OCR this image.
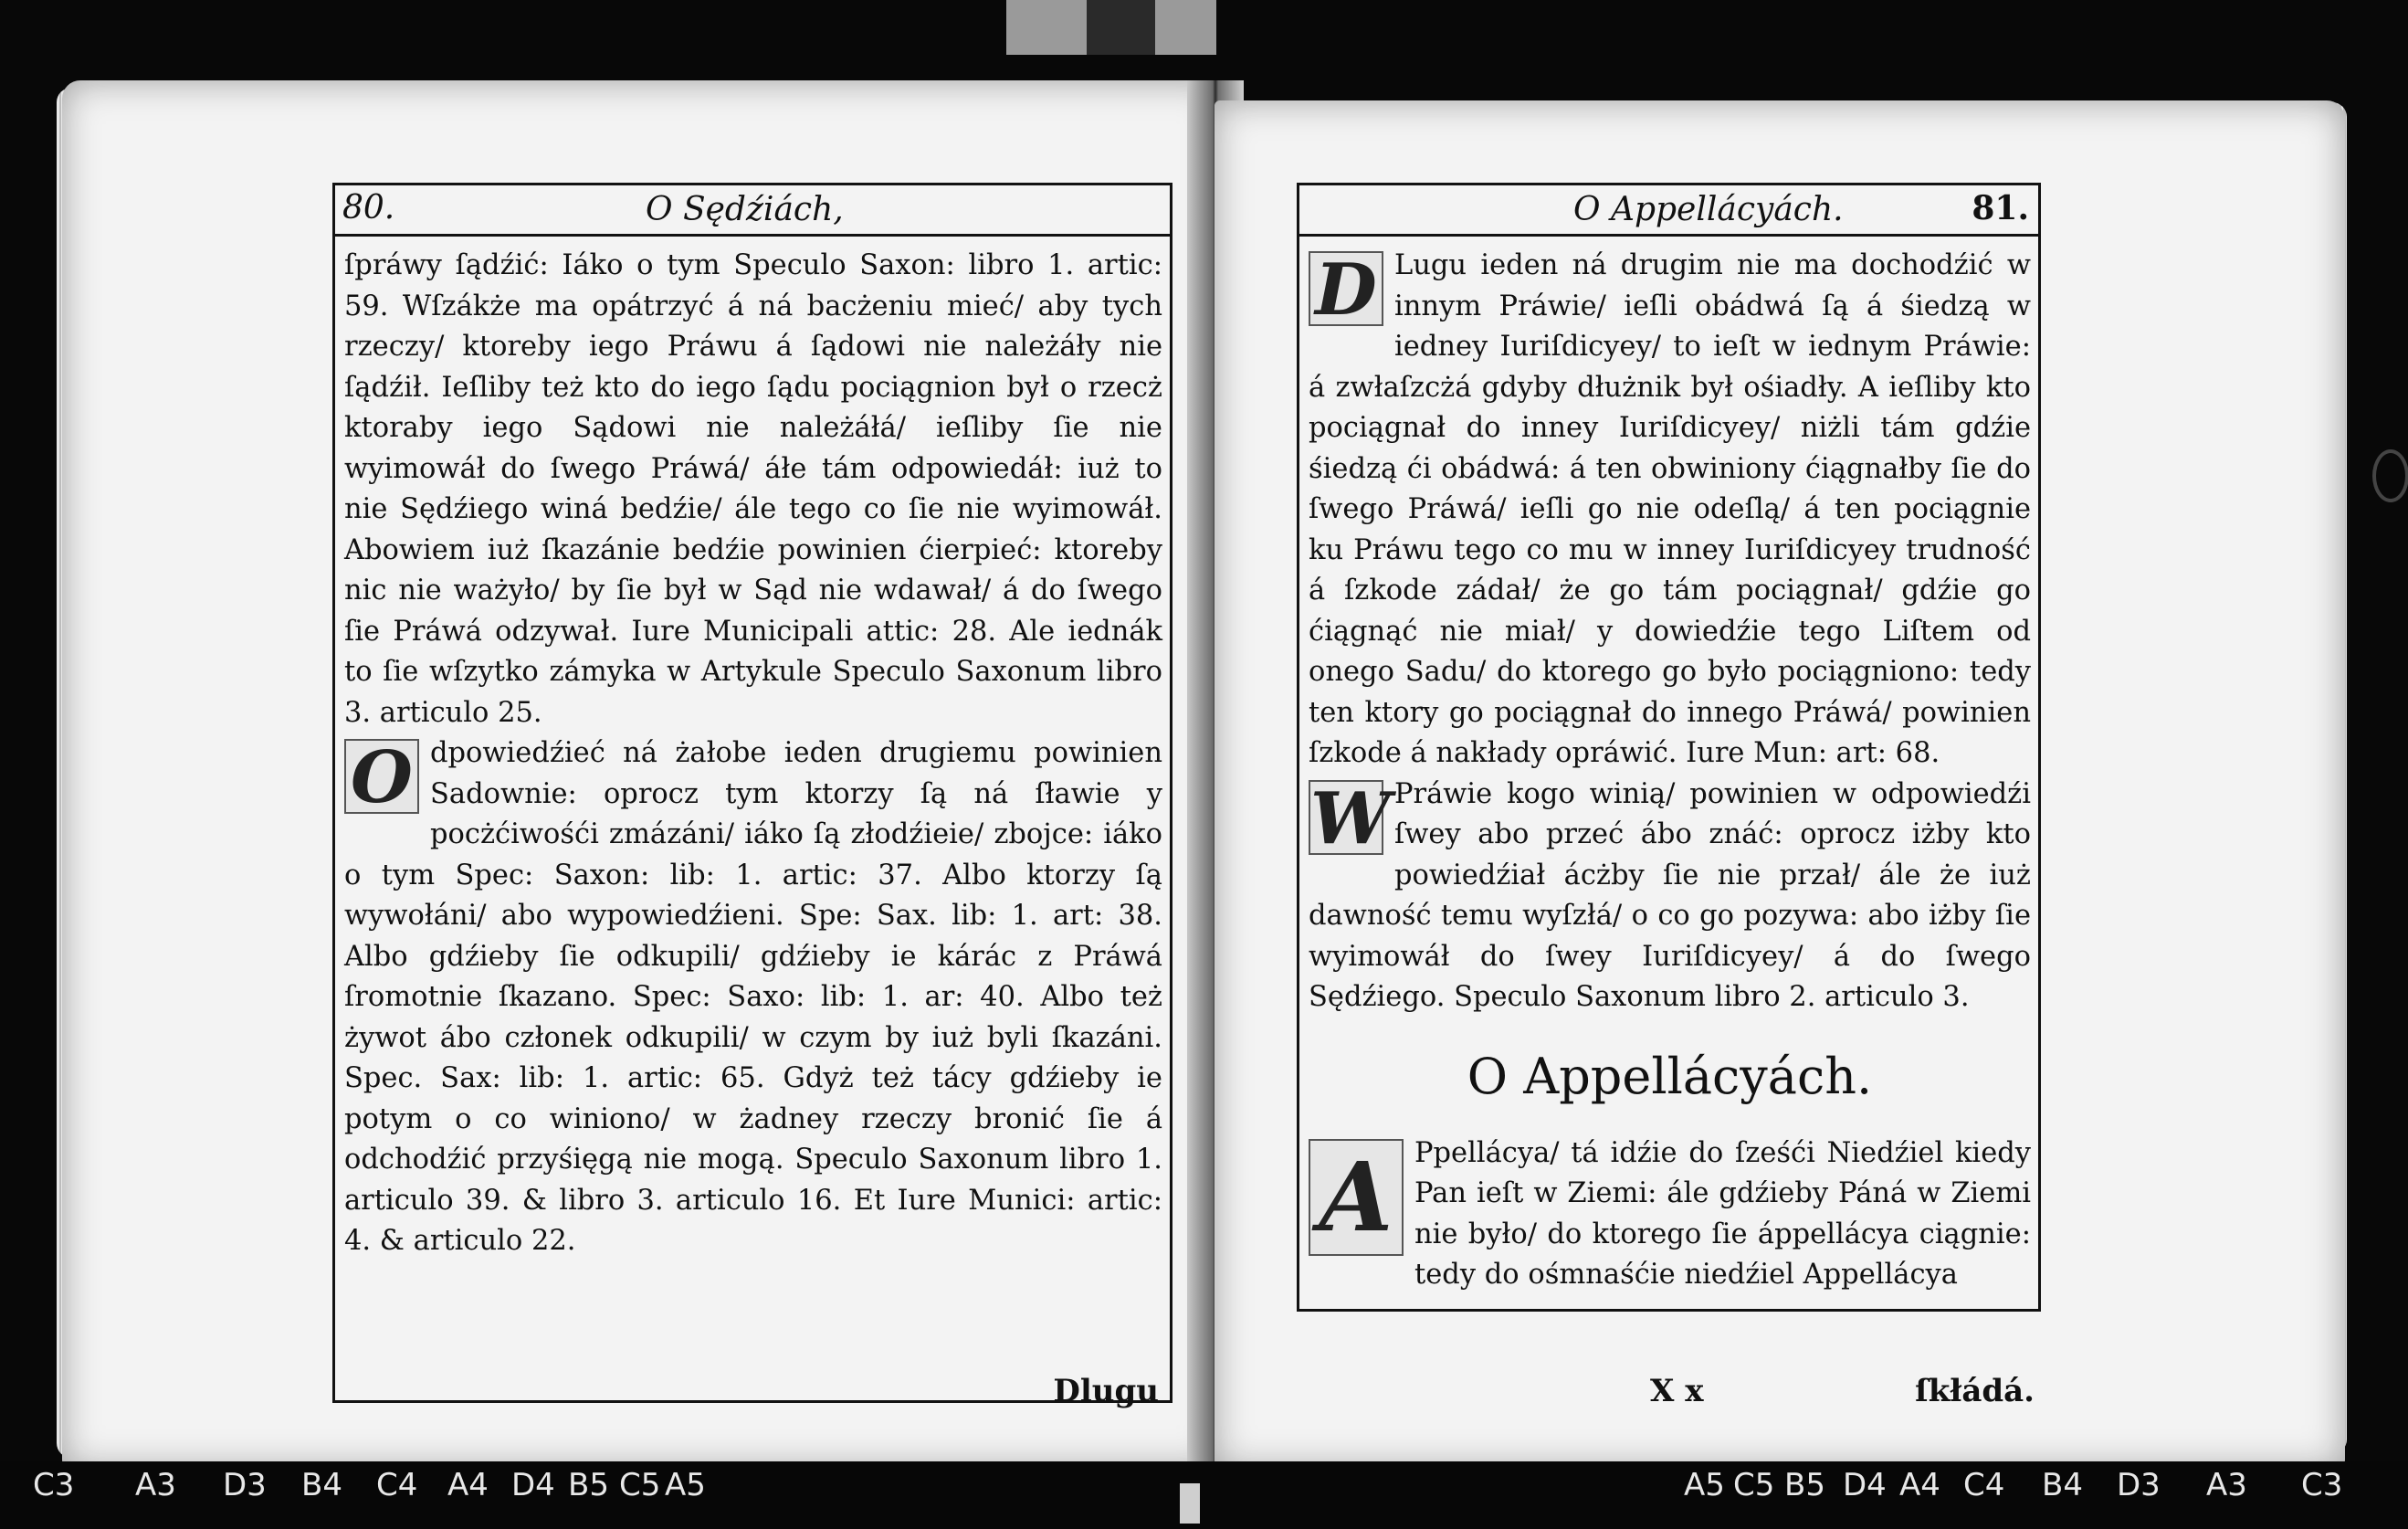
80.	O Sędźiách,

ſpráwy ſądźić: Iáko o tym Speculo Saxon: libro 1. artic: 59. Wſzákże ma opátrzyć á ná bacżeniu mieć/ aby tych rzeczy/ ktoreby iego Práwu á ſądowi nie należáły nie ſądźił. Ieſliby też kto do iego ſądu pociągnion był o rzecż ktoraby iego Sądowi nie należáłá/ ieſliby ſie nie wyimowáł do ſwego Práwá/ áłe tám odpowiedáł: iuż to nie Sędźiego winá bedźie/ ále tego co ſie nie wyimowáł. Abowiem iuż ſkazánie bedźie powinien ćierpieć: ktoreby nic nie ważyło/ by ſie był w Sąd nie wdawał/ á do ſwego ſie Práwá odzywał. Iure Municipali attic: 28. Ale iednák to ſie wſzytko zámyka w Artykule Speculo Saxonum libro 3. articulo 25.

O dpowiedźieć ná żałobe ieden drugiemu powinien Sadownie: oprocz tym ktorzy ſą ná ſławie y pocżćiwośći zmázáni/ iáko ſą złodźieie/ zbojce: iáko o tym Spec: Saxon: lib: 1. artic: 37. Albo ktorzy ſą wywołáni/ abo wypowiedźieni. Spe: Sax. lib: 1. art: 38. Albo gdźieby ſie odkupili/ gdźieby ie kárác z Práwá ſromotnie ſkazano. Spec: Saxo: lib: 1. ar: 40. Albo też żywot ábo członek odkupili/ w czym by iuż byli ſkazáni. Spec. Sax: lib: 1. artic: 65. Gdyż też tácy gdźieby ie potym o co winiono/ w żadney rzeczy bronić ſie á odchodźić przyśięgą nie mogą. Speculo Saxonum libro 1. articulo 39. & libro 3. articulo 16. Et Iure Munici: artic: 4. & articulo 22.

Dlugu
O Appellácyách.	81.

D Lugu ieden ná drugim nie ma dochodźić w innym Práwie/ ieſli obádwá ſą á śiedzą w iedney Iuriſdicyey/ to ieſt w iednym Práwie: á zwłaſzcżá gdyby dłużnik był ośiadły. A ieſliby kto pociągnał do inney Iuriſdicyey/ niżli tám gdźie śiedzą ći obádwá: á ten obwiniony ćiągnałby ſie do ſwego Práwá/ ieſli go nie odeſlą/ á ten pociągnie ku Práwu tego co mu w inney Iuriſdicyey trudność á ſzkode zádał/ że go tám pociągnał/ gdźie go ćiągnąć nie miał/ y dowiedźie tego Liſtem od onego Sadu/ do ktorego go było pociągniono: tedy ten ktory go pociągnał do innego Práwá/ powinien ſzkode á nakłady opráwić. Iure Mun: art: 68.

W Práwie kogo winią/ powinien w odpowiedźi ſwey abo przeć ábo znáć: oprocz iżby kto powiedźiał ácżby ſie nie przał/ ále że iuż dawność temu wyſzłá/ o co go pozywa: abo iżby ſie wyimowáł do ſwey Iuriſdicyey/ á do ſwego Sędźiego. Speculo Saxonum libro 2. articulo 3.

O Appellácyách.

A Ppellácya/ tá idźie do ſześći Niedźiel kiedy Pan ieſt w Ziemi: ále gdźieby Páná w Ziemi nie było/ do ktorego ſie áppellácya ciągnie: tedy do ośmnaśćie niedźiel Appellácya

X x	ſkłádá.
C3 A3 D3 B4 C4 A4 D4 B5 C5 A5	A5 C5 B5 D4 A4 C4 B4 D3 A3 C3
